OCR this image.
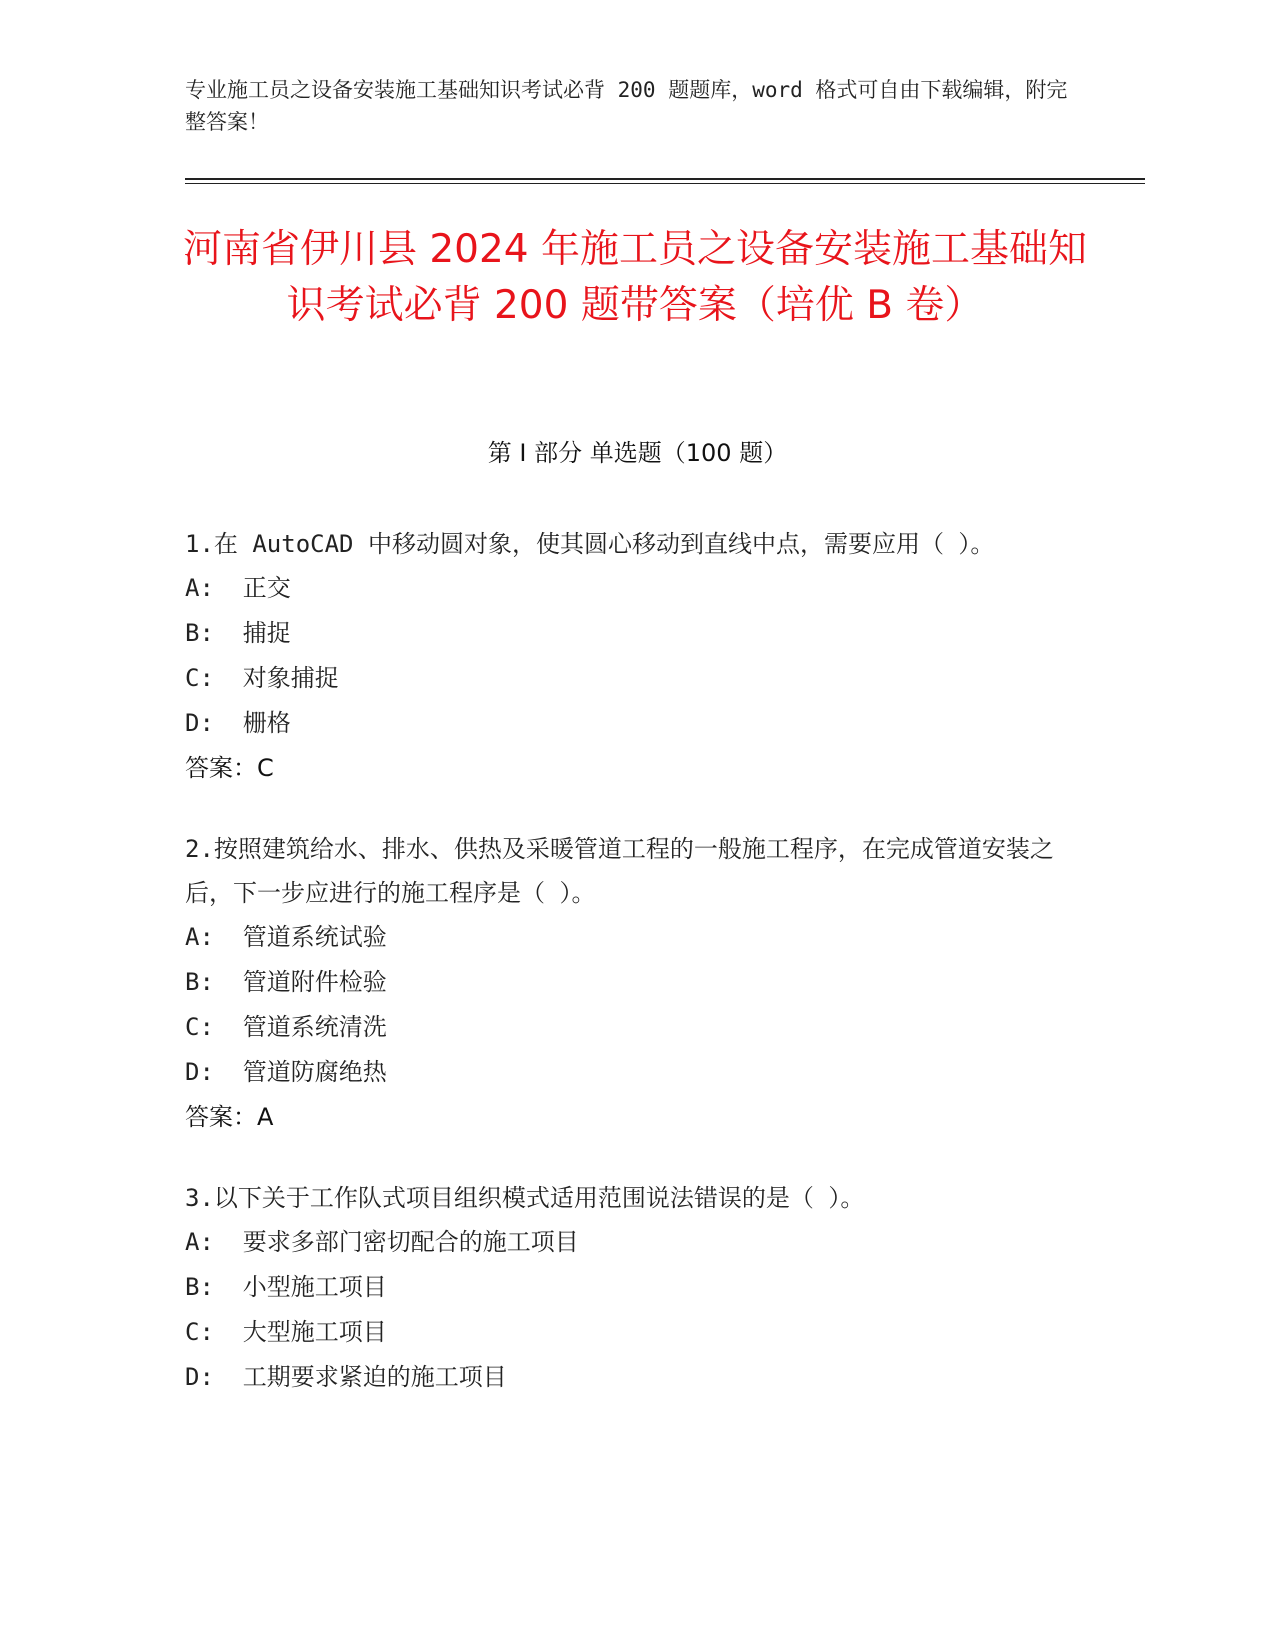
专业施工员之设备安装施工基础知识考试必背 200 题题库，word 格式可自由下载编辑，附完整答案！
河南省伊川县 2024 年施工员之设备安装施工基础知识考试必背 200 题带答案（培优 B 卷）
第 I 部分 单选题（100 题）

1.在 AutoCAD 中移动圆对象，使其圆心移动到直线中点，需要应用（ ）。

A:  正交

B:  捕捉

C:  对象捕捉

D:  栅格

答案：C

2.按照建筑给水、排水、供热及采暖管道工程的一般施工程序，在完成管道安装之后，下一步应进行的施工程序是（ ）。

A:  管道系统试验

B:  管道附件检验

C:  管道系统清洗

D:  管道防腐绝热

答案：A

3.以下关于工作队式项目组织模式适用范围说法错误的是（ ）。

A:  要求多部门密切配合的施工项目

B:  小型施工项目

C:  大型施工项目

D:  工期要求紧迫的施工项目
